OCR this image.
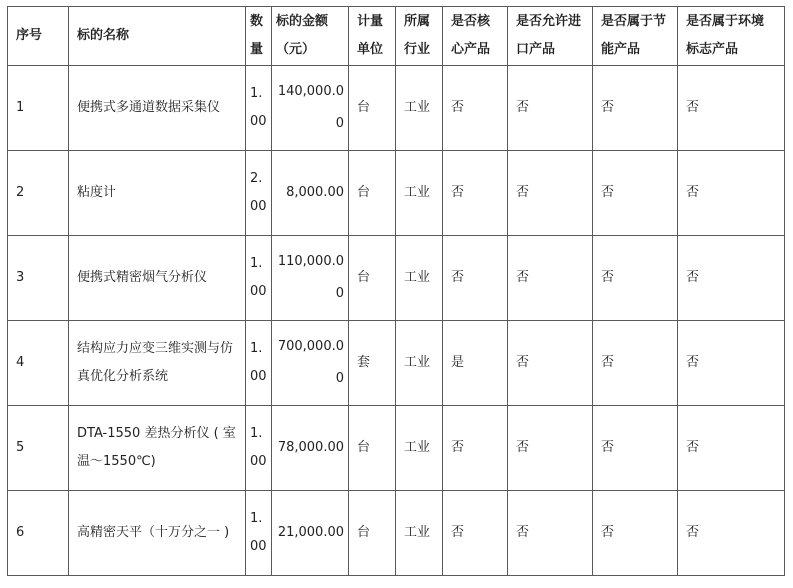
序号	标的名称	数量	标的金额（元）	计量单位	所属行业	是否核心产品	是否允许进口产品	是否属于节能产品	是否属于环境标志产品
1	便携式多通道数据采集仪	1.00	140,000.00	台	工业	否	否	否	否
2	粘度计	2.00	8,000.00	台	工业	否	否	否	否
3	便携式精密烟气分析仪	1.00	110,000.00	台	工业	否	否	否	否
4	结构应力应变三维实测与仿真优化分析系统	1.00	700,000.00	套	工业	是	否	否	否
5	DTA-1550 差热分析仪 ( 室温～1550℃)	1.00	78,000.00	台	工业	否	否	否	否
6	高精密天平（十万分之一 )	1.00	21,000.00	台	工业	否	否	否	否
